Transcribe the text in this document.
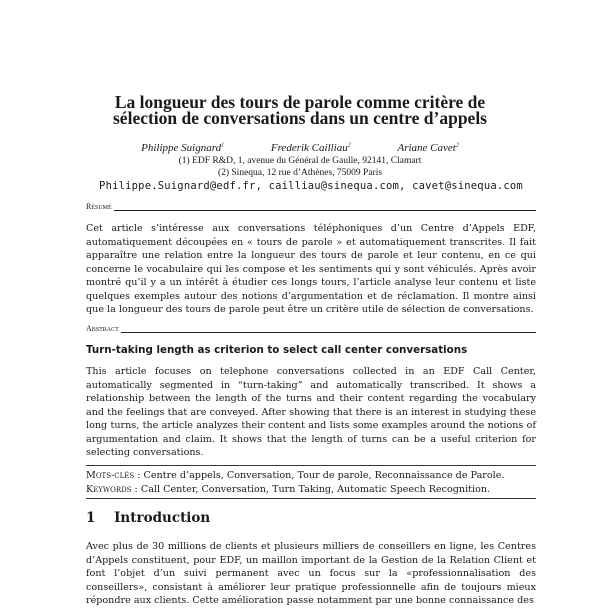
La longueur des tours de parole comme critère de
sélection de conversations dans un centre d’appels
Philippe Suignard$^1$	Frederik Cailliau$^2$	Ariane Cavet$^2$
(1) EDF R&D, 1, avenue du Général de Gaulle, 92141, Clamart
(2) Sinequa, 12 rue d’Athènes, 75009 Paris
Philippe.Suignard@edf.fr, cailliau@sinequa.com, cavet@sinequa.com
Résumé
Cet article s’intéresse aux conversations téléphoniques d’un Centre d’Appels EDF, automatiquement découpées en « tours de parole » et automatiquement transcrites. Il fait apparaître une relation entre la longueur des tours de parole et leur contenu, en ce qui concerne le vocabulaire qui les compose et les sentiments qui y sont véhiculés. Après avoir montré qu’il y a un intérêt à étudier ces longs tours, l’article analyse leur contenu et liste quelques exemples autour des notions d’argumentation et de réclamation. Il montre ainsi que la longueur des tours de parole peut être un critère utile de sélection de conversations.
Abstract
Turn-taking length as criterion to select call center conversations
This article focuses on telephone conversations collected in an EDF Call Center, automatically segmented in “turn-taking” and automatically transcribed. It shows a relationship between the length of the turns and their content regarding the vocabulary and the feelings that are conveyed. After showing that there is an interest in studying these long turns, the article analyzes their content and lists some examples around the notions of argumentation and claim. It shows that the length of turns can be a useful criterion for selecting conversations.
Mots-clés : Centre d’appels, Conversation, Tour de parole, Reconnaissance de Parole.
Keywords : Call Center, Conversation, Turn Taking, Automatic Speech Recognition.
1 Introduction
Avec plus de 30 millions de clients et plusieurs milliers de conseillers en ligne, les Centres d’Appels constituent, pour EDF, un maillon important de la Gestion de la Relation Client et font l’objet d’un suivi permanent avec un focus sur la «professionnalisation des conseillers», consistant à améliorer leur pratique professionnelle afin de toujours mieux répondre aux clients. Cette amélioration passe notamment par une bonne connaissance des
